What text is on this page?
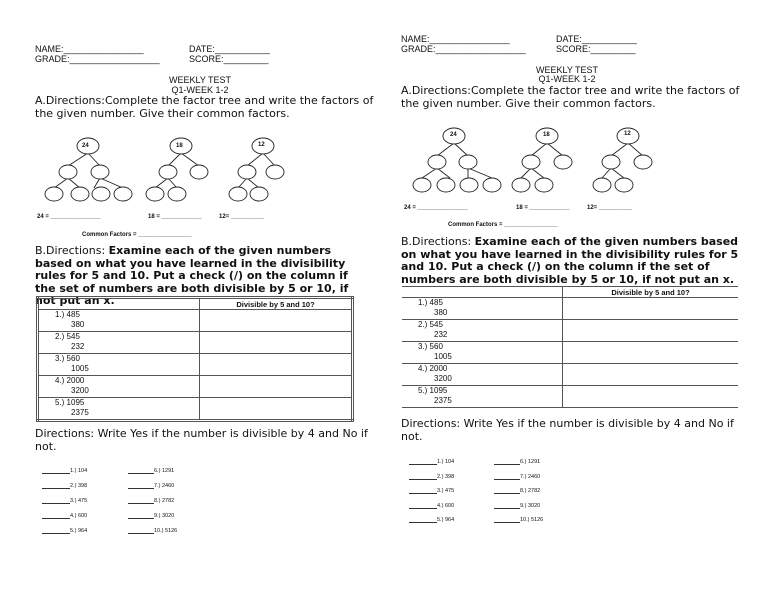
NAME:________________	DATE:___________
GRADE:__________________	SCORE:_________
WEEKLY TEST
Q1-WEEK 1-2
A.Directions:Complete the factor tree and write the factors of the given number. Give their common factors.
24	18	12
24 = _______________	18 = ____________	12= __________
Common Factors = ________________
B.Directions: Examine each of the given numbers based on what you have learned in the divisibility rules for 5 and 10. Put a check (/) on the column if the set of numbers are both divisible by 5 or 10, if not put an x.
		Divisible by 5 and 10?
1.) 485
380	

2.) 545
232	

3.) 560
1005	

4.) 2000
3200	

5.) 1095
2375	

Directions: Write Yes if the number is divisible by 4 and No if not.
1.) 104
2.) 398
3.) 475
4.) 600
5.) 964
6.) 1291
7.) 2460
8.) 2782
9.) 3020
10.) 5126
NAME:________________	DATE:___________
GRADE:__________________	SCORE:_________
WEEKLY TEST
Q1-WEEK 1-2
A.Directions:Complete the factor tree and write the factors of the given number. Give their common factors.
24	18	12
24 = _______________	18 = ____________	12= __________
Common Factors = ________________
B.Directions: Examine each of the given numbers based on what you have learned in the divisibility rules for 5 and 10. Put a check (/) on the column if the set of numbers are both divisible by 5 or 10, if not put an x.
	Divisible by 5 and 10?
1.) 485
380	

2.) 545
232	

3.) 560
1005	

4.) 2000
3200	

5.) 1095
2375	

Directions: Write Yes if the number is divisible by 4 and No if not.
1.) 104
2.) 398
3.) 475
4.) 600
5.) 964
6.) 1291
7.) 2460
8.) 2782
9.) 3020
10.) 5126
